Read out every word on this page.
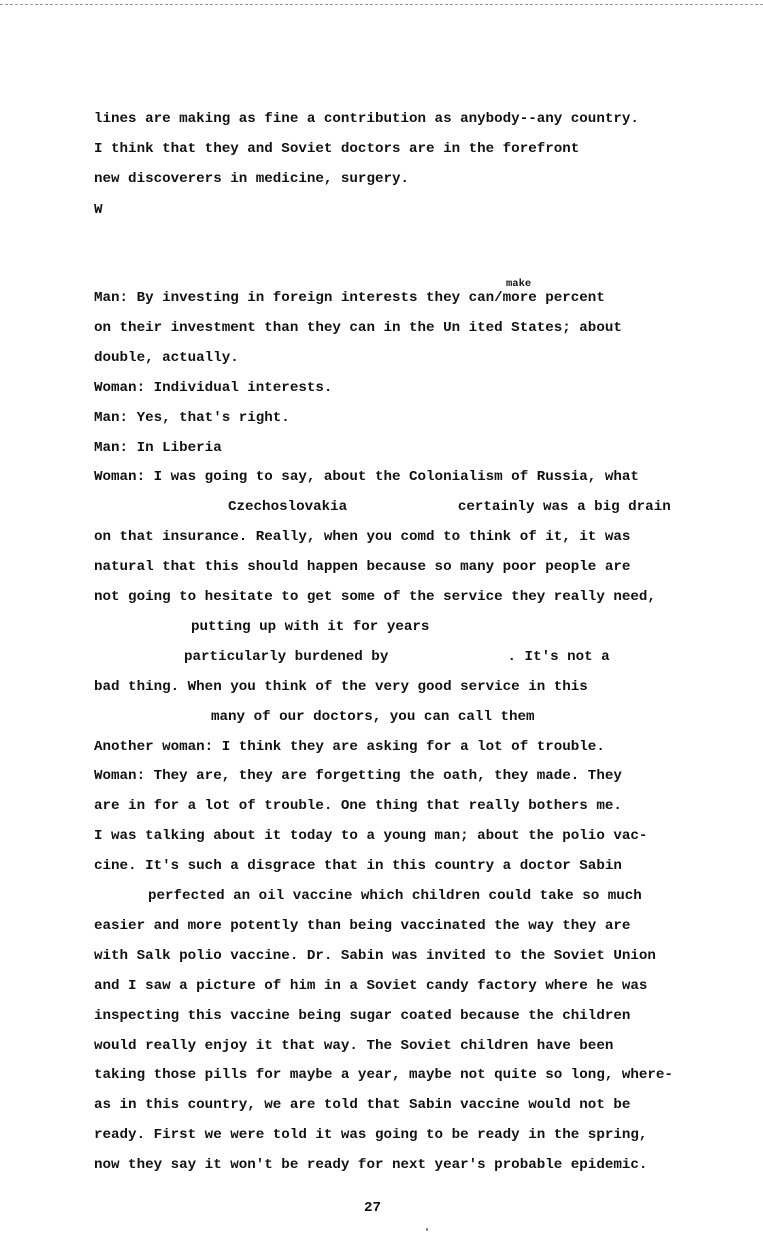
lines are making as fine a contribution as anybody--any country.
I think that they and Soviet doctors are in the forefront
new discoverers in medicine, surgery.
W
make
Man: By investing in foreign interests they can/more percent
on their investment than they can in the Un ited States; about
double, actually.
Woman: Individual interests.
Man: Yes, that's right.
Man: In Liberia
Woman: I was going to say, about the Colonialism of Russia, what
Czechoslovakia             certainly was a big drain
on that insurance. Really, when you comd to think of it, it was
natural that this should happen because so many poor people are
not going to hesitate to get some of the service they really need,
putting up with it for years
particularly burdened by              . It's not a
bad thing. When you think of the very good service in this
many of our doctors, you can call them
Another woman: I think they are asking for a lot of trouble.
Woman: They are, they are forgetting the oath, they made. They
are in for a lot of trouble. One thing that really bothers me.
I was talking about it today to a young man; about the polio vac-
cine. It's such a disgrace that in this country a doctor Sabin
perfected an oil vaccine which children could take so much
easier and more potently than being vaccinated the way they are
with Salk polio vaccine. Dr. Sabin was invited to the Soviet Union
and I saw a picture of him in a Soviet candy factory where he was
inspecting this vaccine being sugar coated because the children
would really enjoy it that way. The Soviet children have been
taking those pills for maybe a year, maybe not quite so long, where-
as in this country, we are told that Sabin vaccine would not be
ready. First we were told it was going to be ready in the spring,
now they say it won't be ready for next year's probable epidemic.
27
